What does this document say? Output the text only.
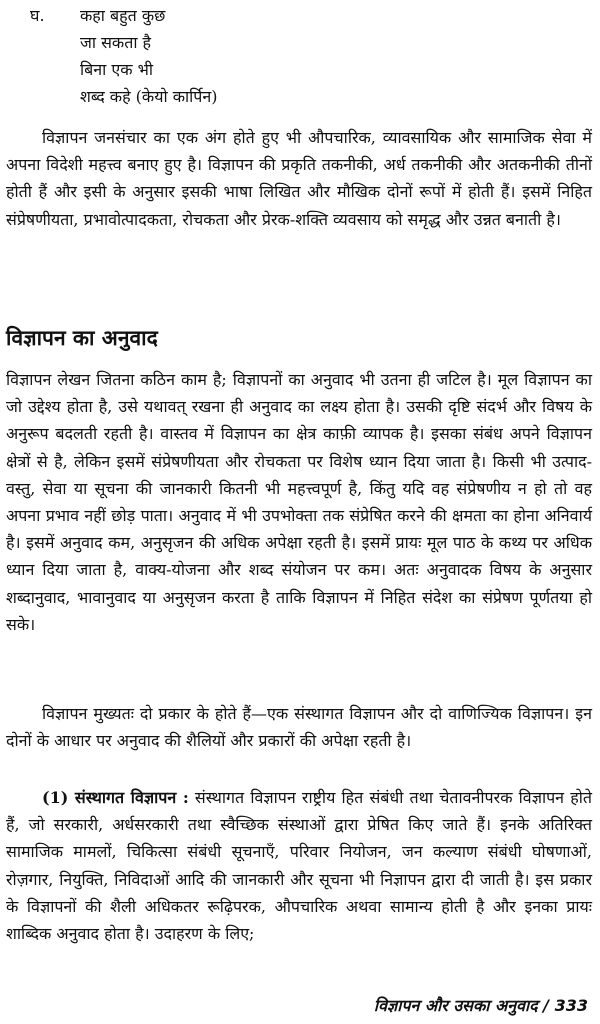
घ. कहा बहुत कुछ
जा सकता है
बिना एक भी
शब्द कहे (केयो कार्पिन)

विज्ञापन जनसंचार का एक अंग होते हुए भी औपचारिक, व्यावसायिक और सामाजिक सेवा में अपना विदेशी महत्त्व बनाए हुए है। विज्ञापन की प्रकृति तकनीकी, अर्ध तकनीकी और अतकनीकी तीनों होती हैं और इसी के अनुसार इसकी भाषा लिखित और मौखिक दोनों रूपों में होती हैं। इसमें निहित संप्रेषणीयता, प्रभावोत्पादकता, रोचकता और प्रेरक-शक्ति व्यवसाय को समृद्ध और उन्नत बनाती है।

विज्ञापन का अनुवाद

विज्ञापन लेखन जितना कठिन काम है; विज्ञापनों का अनुवाद भी उतना ही जटिल है। मूल विज्ञापन का जो उद्देश्य होता है, उसे यथावत् रखना ही अनुवाद का लक्ष्य होता है। उसकी दृष्टि संदर्भ और विषय के अनुरूप बदलती रहती है। वास्तव में विज्ञापन का क्षेत्र काफ़ी व्यापक है। इसका संबंध अपने विज्ञापन क्षेत्रों से है, लेकिन इसमें संप्रेषणीयता और रोचकता पर विशेष ध्यान दिया जाता है। किसी भी उत्पाद-वस्तु, सेवा या सूचना की जानकारी कितनी भी महत्त्वपूर्ण है, किंतु यदि वह संप्रेषणीय न हो तो वह अपना प्रभाव नहीं छोड़ पाता। अनुवाद में भी उपभोक्ता तक संप्रेषित करने की क्षमता का होना अनिवार्य है। इसमें अनुवाद कम, अनुसृजन की अधिक अपेक्षा रहती है। इसमें प्रायः मूल पाठ के कथ्य पर अधिक ध्यान दिया जाता है, वाक्य-योजना और शब्द संयोजन पर कम। अतः अनुवादक विषय के अनुसार शब्दानुवाद, भावानुवाद या अनुसृजन करता है ताकि विज्ञापन में निहित संदेश का संप्रेषण पूर्णतया हो सके।

विज्ञापन मुख्यतः दो प्रकार के होते हैं—एक संस्थागत विज्ञापन और दो वाणिज्यिक विज्ञापन। इन दोनों के आधार पर अनुवाद की शैलियों और प्रकारों की अपेक्षा रहती है।

(1) संस्थागत विज्ञापन : संस्थागत विज्ञापन राष्ट्रीय हित संबंधी तथा चेतावनीपरक विज्ञापन होते हैं, जो सरकारी, अर्धसरकारी तथा स्वैच्छिक संस्थाओं द्वारा प्रेषित किए जाते हैं। इनके अतिरिक्त सामाजिक मामलों, चिकित्सा संबंधी सूचनाएँ, परिवार नियोजन, जन कल्याण संबंधी घोषणाओं, रोज़गार, नियुक्ति, निविदाओं आदि की जानकारी और सूचना भी निज्ञापन द्वारा दी जाती है। इस प्रकार के विज्ञापनों की शैली अधिकतर रूढ़िपरक, औपचारिक अथवा सामान्य होती है और इनका प्रायः शाब्दिक अनुवाद होता है। उदाहरण के लिए;

विज्ञापन और उसका अनुवाद / 333
